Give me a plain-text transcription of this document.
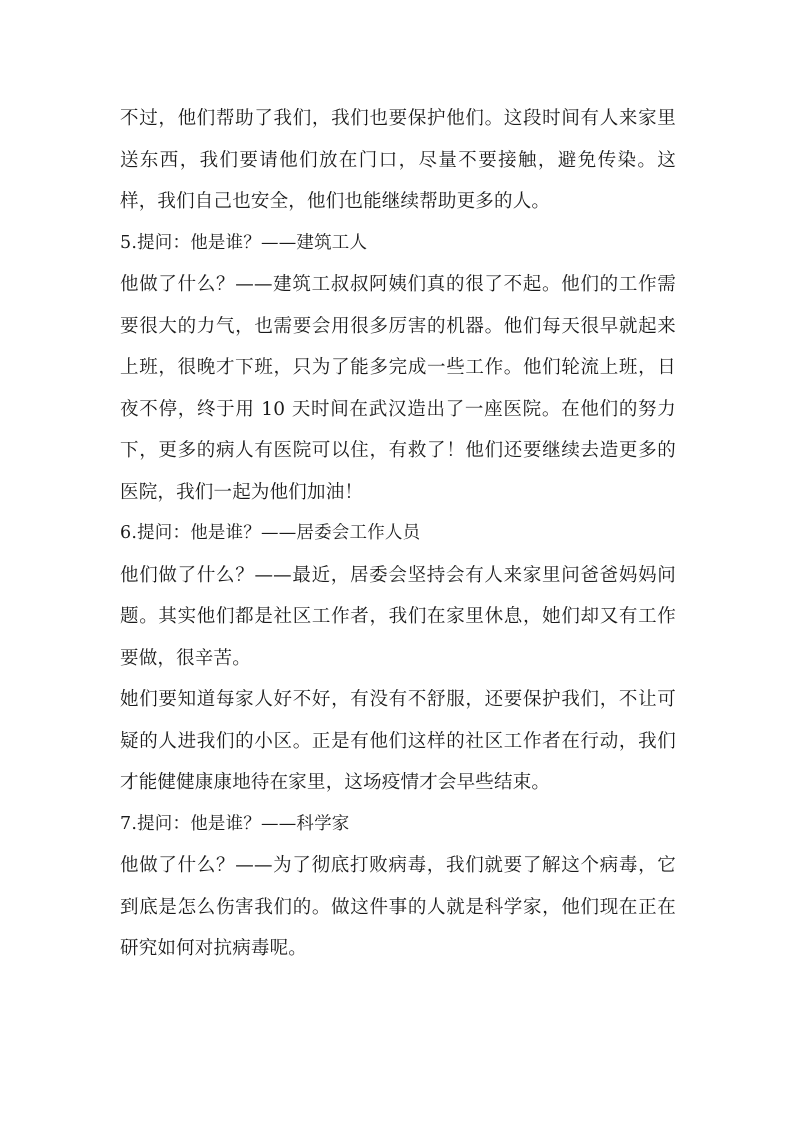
不过，他们帮助了我们，我们也要保护他们。这段时间有人来家里送东西，我们要请他们放在门口，尽量不要接触，避免传染。这样，我们自己也安全，他们也能继续帮助更多的人。

5.提问：他是谁？——建筑工人

他做了什么？——建筑工叔叔阿姨们真的很了不起。他们的工作需要很大的力气，也需要会用很多厉害的机器。他们每天很早就起来上班，很晚才下班，只为了能多完成一些工作。他们轮流上班，日夜不停，终于用 10 天时间在武汉造出了一座医院。在他们的努力下，更多的病人有医院可以住，有救了！他们还要继续去造更多的医院，我们一起为他们加油！

6.提问：他是谁？——居委会工作人员

他们做了什么？——最近，居委会坚持会有人来家里问爸爸妈妈问题。其实他们都是社区工作者，我们在家里休息，她们却又有工作要做，很辛苦。

她们要知道每家人好不好，有没有不舒服，还要保护我们，不让可疑的人进我们的小区。正是有他们这样的社区工作者在行动，我们才能健健康康地待在家里，这场疫情才会早些结束。

7.提问：他是谁？——科学家

他做了什么？——为了彻底打败病毒，我们就要了解这个病毒，它到底是怎么伤害我们的。做这件事的人就是科学家，他们现在正在研究如何对抗病毒呢。
